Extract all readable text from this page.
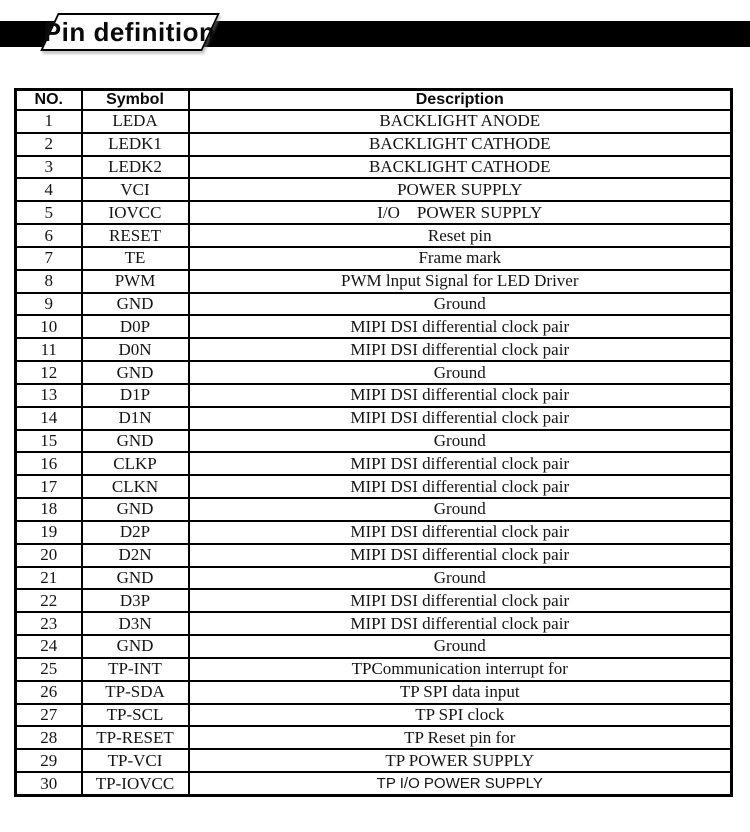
Pin definition
NO.	Symbol	Description
1	LEDA	BACKLIGHT ANODE
2	LEDK1	BACKLIGHT CATHODE
3	LEDK2	BACKLIGHT CATHODE
4	VCI	POWER SUPPLY
5	IOVCC	I/O    POWER SUPPLY
6	RESET	Reset pin
7	TE	Frame mark
8	PWM	PWM lnput Signal for LED Driver
9	GND	Ground
10	D0P	MIPI DSI differential clock pair
11	D0N	MIPI DSI differential clock pair
12	GND	Ground
13	D1P	MIPI DSI differential clock pair
14	D1N	MIPI DSI differential clock pair
15	GND	Ground
16	CLKP	MIPI DSI differential clock pair
17	CLKN	MIPI DSI differential clock pair
18	GND	Ground
19	D2P	MIPI DSI differential clock pair
20	D2N	MIPI DSI differential clock pair
21	GND	Ground
22	D3P	MIPI DSI differential clock pair
23	D3N	MIPI DSI differential clock pair
24	GND	Ground
25	TP-INT	TPCommunication interrupt for
26	TP-SDA	TP SPI data input
27	TP-SCL	TP SPI clock
28	TP-RESET	TP Reset pin for
29	TP-VCI	TP POWER SUPPLY
30	TP-IOVCC	TP I/O POWER SUPPLY
